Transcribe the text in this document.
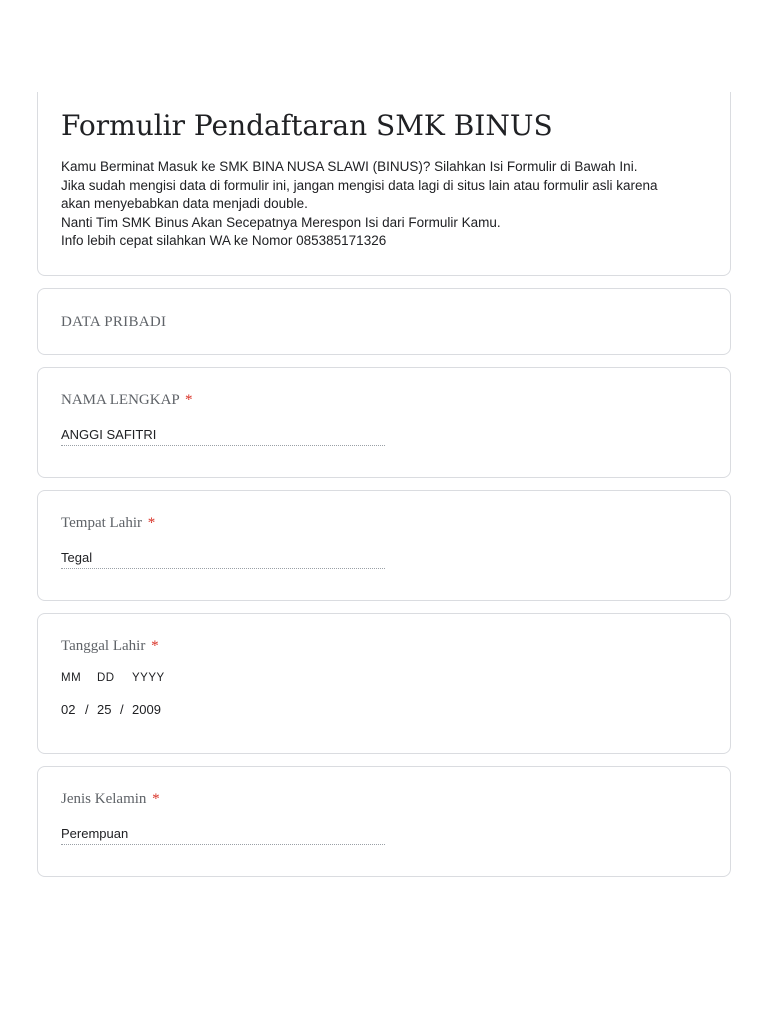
Formulir Pendaftaran SMK BINUS

Kamu Berminat Masuk ke SMK BINA NUSA SLAWI (BINUS)? Silahkan Isi Formulir di Bawah Ini.

Jika sudah mengisi data di formulir ini, jangan mengisi data lagi di situs lain atau formulir asli karena

akan menyebabkan data menjadi double.

Nanti Tim SMK Binus Akan Secepatnya Merespon Isi dari Formulir Kamu.

Info lebih cepat silahkan WA ke Nomor 085385171326

DATA PRIBADI
NAMA LENGKAP *
ANGGI SAFITRI
Tempat Lahir *
Tegal
Tanggal Lahir *
MM DD YYYY
02 / 25 / 2009
Jenis Kelamin *
Perempuan
